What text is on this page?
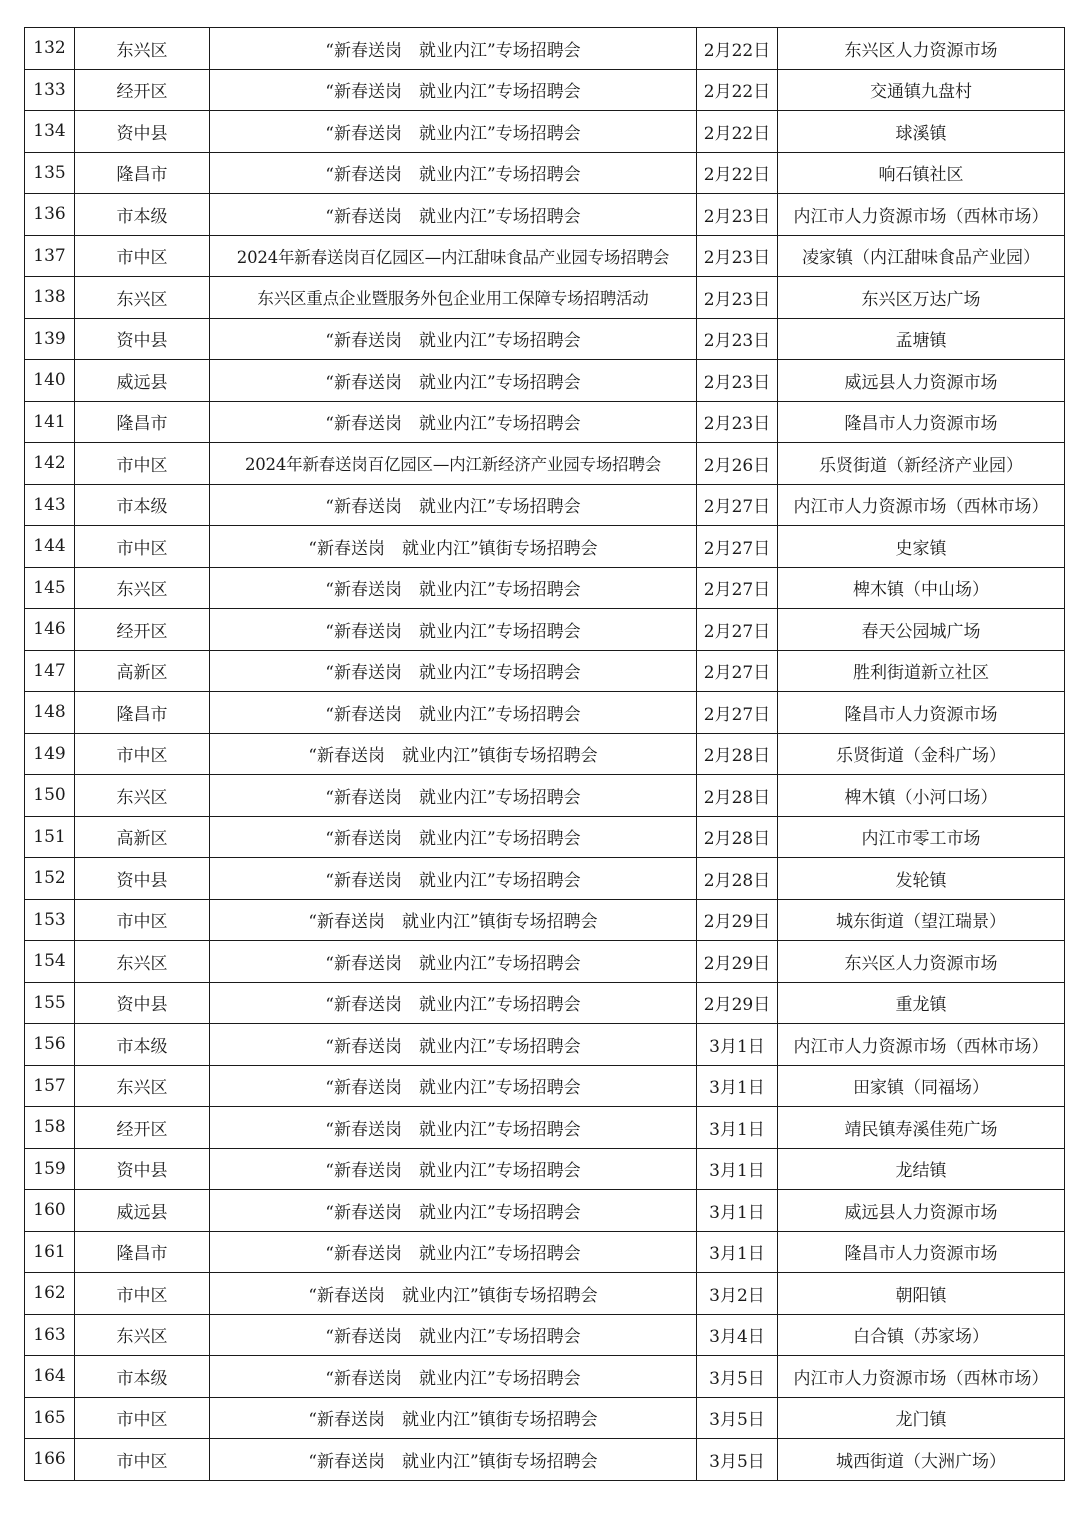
132	东兴区	“新春送岗　就业内江”专场招聘会	2月22日	东兴区人力资源市场
133	经开区	“新春送岗　就业内江”专场招聘会	2月22日	交通镇九盘村
134	资中县	“新春送岗　就业内江”专场招聘会	2月22日	球溪镇
135	隆昌市	“新春送岗　就业内江”专场招聘会	2月22日	响石镇社区
136	市本级	“新春送岗　就业内江”专场招聘会	2月23日	内江市人力资源市场（西林市场）
137	市中区	2024年新春送岗百亿园区—内江甜味食品产业园专场招聘会	2月23日	凌家镇（内江甜味食品产业园）
138	东兴区	东兴区重点企业暨服务外包企业用工保障专场招聘活动	2月23日	东兴区万达广场
139	资中县	“新春送岗　就业内江”专场招聘会	2月23日	孟塘镇
140	威远县	“新春送岗　就业内江”专场招聘会	2月23日	威远县人力资源市场
141	隆昌市	“新春送岗　就业内江”专场招聘会	2月23日	隆昌市人力资源市场
142	市中区	2024年新春送岗百亿园区—内江新经济产业园专场招聘会	2月26日	乐贤街道（新经济产业园）
143	市本级	“新春送岗　就业内江”专场招聘会	2月27日	内江市人力资源市场（西林市场）
144	市中区	“新春送岗　就业内江”镇街专场招聘会	2月27日	史家镇
145	东兴区	“新春送岗　就业内江”专场招聘会	2月27日	椑木镇（中山场）
146	经开区	“新春送岗　就业内江”专场招聘会	2月27日	春天公园城广场
147	高新区	“新春送岗　就业内江”专场招聘会	2月27日	胜利街道新立社区
148	隆昌市	“新春送岗　就业内江”专场招聘会	2月27日	隆昌市人力资源市场
149	市中区	“新春送岗　就业内江”镇街专场招聘会	2月28日	乐贤街道（金科广场）
150	东兴区	“新春送岗　就业内江”专场招聘会	2月28日	椑木镇（小河口场）
151	高新区	“新春送岗　就业内江”专场招聘会	2月28日	内江市零工市场
152	资中县	“新春送岗　就业内江”专场招聘会	2月28日	发轮镇
153	市中区	“新春送岗　就业内江”镇街专场招聘会	2月29日	城东街道（望江瑞景）
154	东兴区	“新春送岗　就业内江”专场招聘会	2月29日	东兴区人力资源市场
155	资中县	“新春送岗　就业内江”专场招聘会	2月29日	重龙镇
156	市本级	“新春送岗　就业内江”专场招聘会	3月1日	内江市人力资源市场（西林市场）
157	东兴区	“新春送岗　就业内江”专场招聘会	3月1日	田家镇（同福场）
158	经开区	“新春送岗　就业内江”专场招聘会	3月1日	靖民镇寿溪佳苑广场
159	资中县	“新春送岗　就业内江”专场招聘会	3月1日	龙结镇
160	威远县	“新春送岗　就业内江”专场招聘会	3月1日	威远县人力资源市场
161	隆昌市	“新春送岗　就业内江”专场招聘会	3月1日	隆昌市人力资源市场
162	市中区	“新春送岗　就业内江”镇街专场招聘会	3月2日	朝阳镇
163	东兴区	“新春送岗　就业内江”专场招聘会	3月4日	白合镇（苏家场）
164	市本级	“新春送岗　就业内江”专场招聘会	3月5日	内江市人力资源市场（西林市场）
165	市中区	“新春送岗　就业内江”镇街专场招聘会	3月5日	龙门镇
166	市中区	“新春送岗　就业内江”镇街专场招聘会	3月5日	城西街道（大洲广场）
